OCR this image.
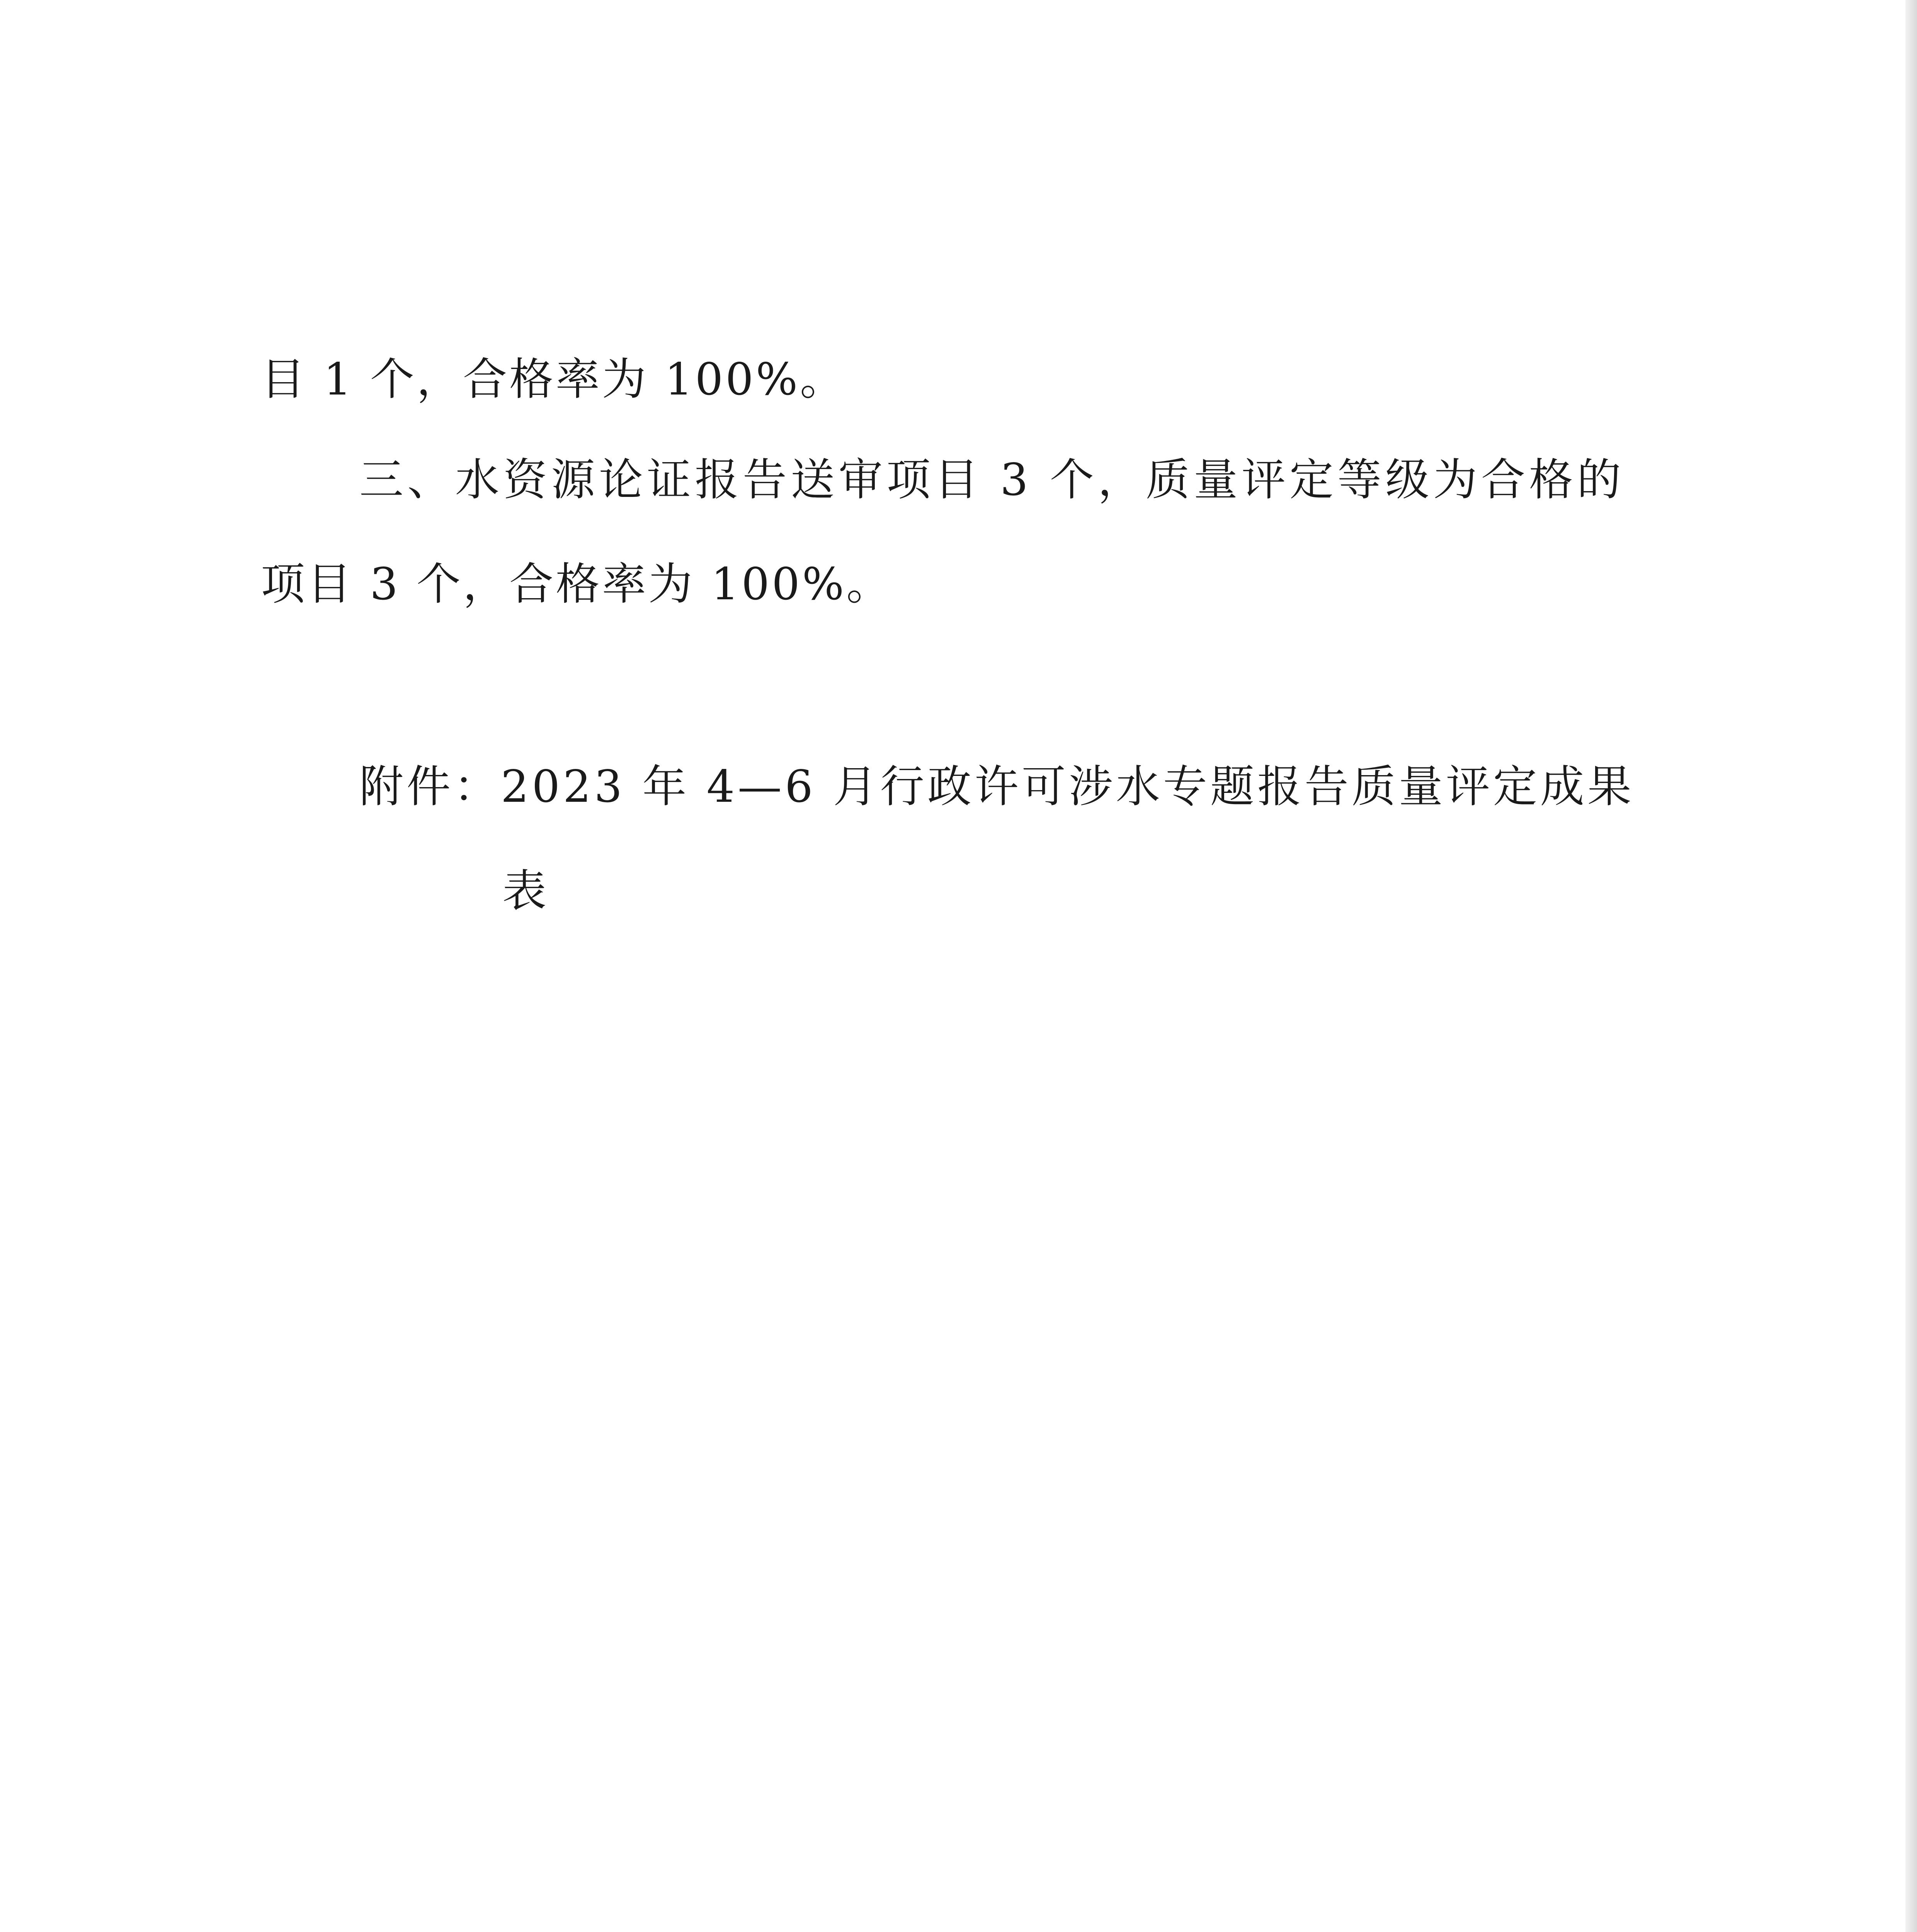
目 1 个，合格率为 100%。
三、水资源论证报告送审项目 3 个，质量评定等级为合格的
项目 3 个，合格率为 100%。
附件：2023 年 4—6 月行政许可涉水专题报告质量评定成果
表
